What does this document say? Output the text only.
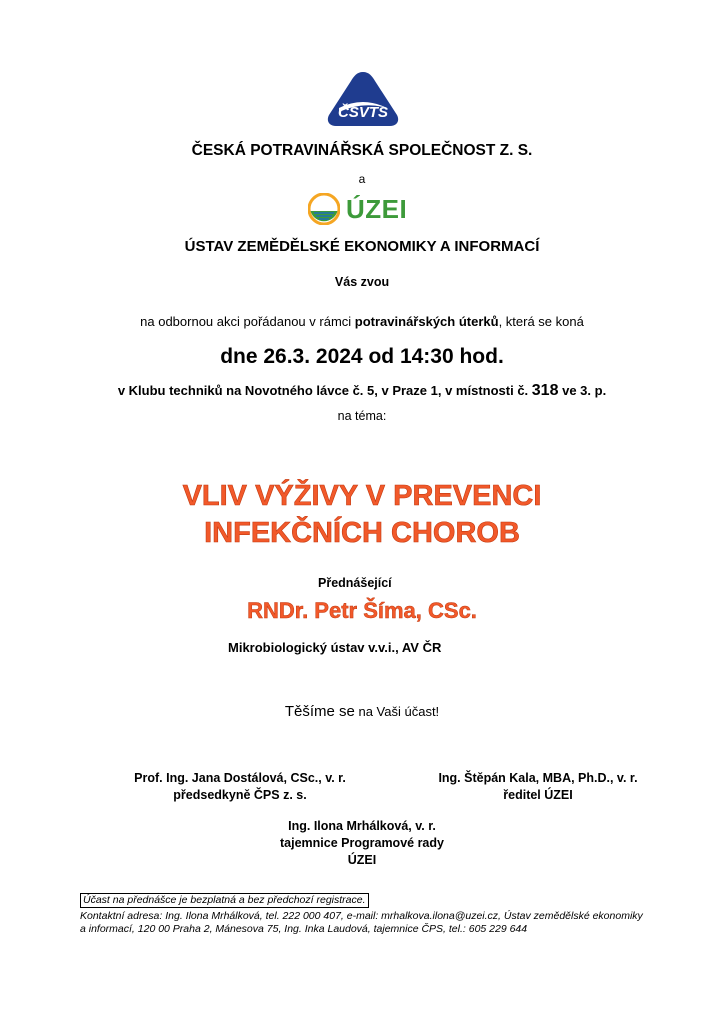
ČSVTS
ČESKÁ POTRAVINÁŘSKÁ SPOLEČNOST Z. S.
a
ÚZEI
ÚSTAV ZEMĚDĚLSKÉ EKONOMIKY A INFORMACÍ
Vás zvou
na odbornou akci pořádanou v rámci potravinářských úterků, která se koná
dne 26.3. 2024 od 14:30 hod.
v Klubu techniků na Novotného lávce č. 5, v Praze 1, v místnosti č. 318 ve 3. p.
na téma:
VLIV VÝŽIVY V PREVENCI
INFEKČNÍCH CHOROB
Přednášející
RNDr. Petr Šíma, CSc.
Mikrobiologický ústav v.v.i., AV ČR
Těšíme se na Vaši účast!
Prof. Ing. Jana Dostálová, CSc., v. r.
předsedkyně ČPS z. s.
Ing. Štěpán Kala, MBA, Ph.D., v. r.
ředitel ÚZEI
Ing. Ilona Mrhálková, v. r.
tajemnice Programové rady
ÚZEI
Účast na přednášce je bezplatná a bez předchozí registrace.
Kontaktní adresa: Ing. Ilona Mrhálková, tel. 222 000 407, e-mail: mrhalkova.ilona@uzei.cz, Ústav zemědělské ekonomiky a informací, 120 00 Praha 2, Mánesova 75, Ing. Inka Laudová, tajemnice ČPS, tel.: 605 229 644
